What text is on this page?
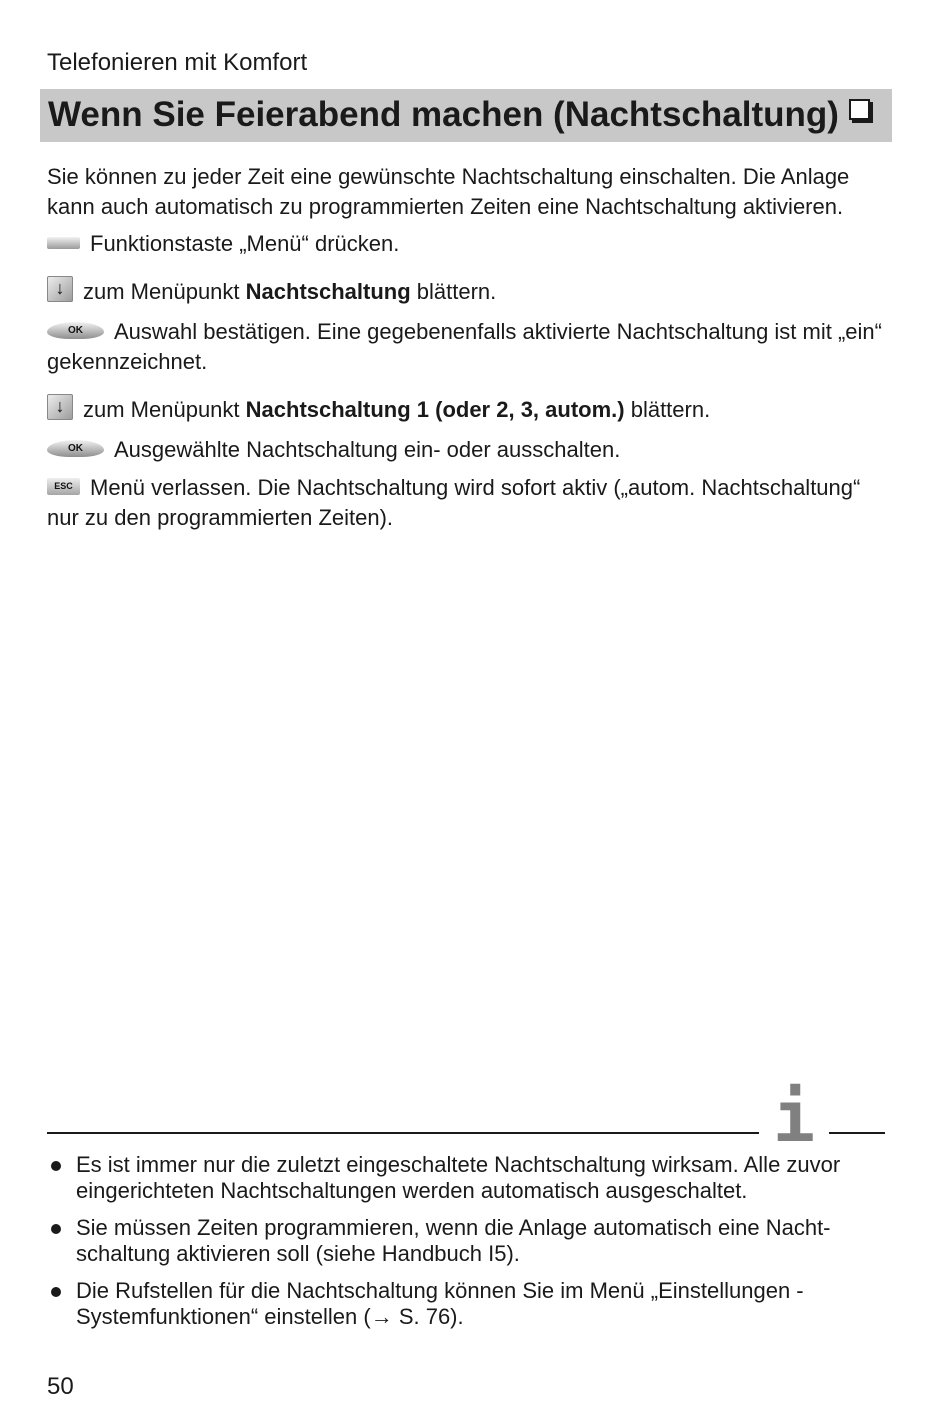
Telefonieren mit Komfort
Wenn Sie Feierabend machen (Nachtschaltung)
Sie können zu jeder Zeit eine gewünschte Nachtschaltung einschalten. Die Anlage kann auch automatisch zu programmierten Zeiten eine Nachtschaltung aktivieren.
Funktionstaste „Menü“ drücken.
↓ zum Menüpunkt Nachtschaltung blättern.
OK Auswahl bestätigen. Eine gegebenenfalls aktivierte Nachtschaltung ist mit „ein“ gekennzeichnet.
↓ zum Menüpunkt Nachtschaltung 1 (oder 2, 3, autom.) blättern.
OK Ausgewählte Nachtschaltung ein- oder ausschalten.
ESC Menü verlassen. Die Nachtschaltung wird sofort aktiv („autom. Nachtschaltung“ nur zu den programmierten Zeiten).
i
Es ist immer nur die zuletzt eingeschaltete Nachtschaltung wirksam. Alle zuvor eingerichteten Nachtschaltungen werden automatisch ausgeschaltet.
Sie müssen Zeiten programmieren, wenn die Anlage automatisch eine Nacht-schaltung aktivieren soll (siehe Handbuch I5).
Die Rufstellen für die Nachtschaltung können Sie im Menü „Einstellungen - Systemfunktionen“ einstellen (→ S. 76).
50
